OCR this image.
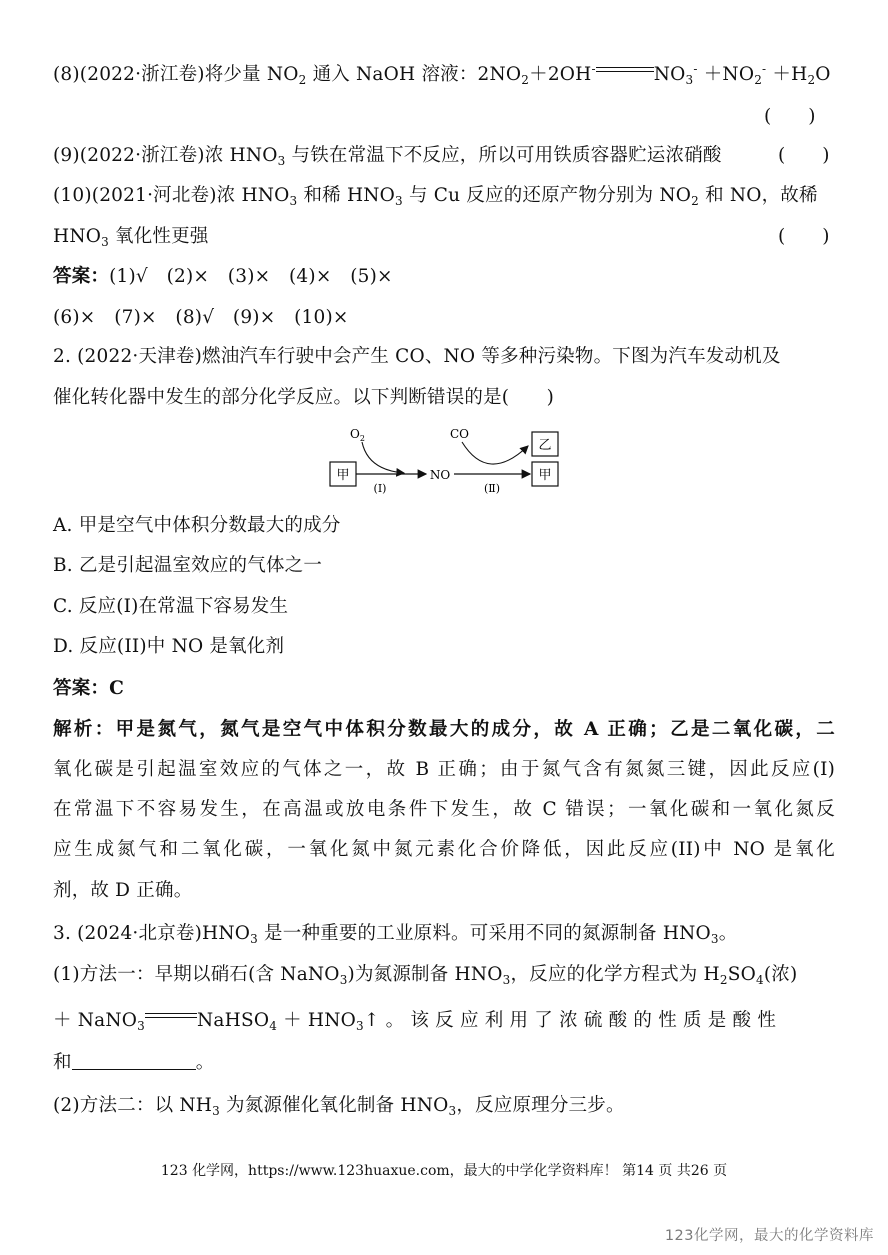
(8)(2022·浙江卷)将少量 $NO_2$ 通入 NaOH 溶液：$2NO_2+2OH^-$	$NO_3^- +NO_2^- +H_2O$
(　　)
(9)(2022·浙江卷)浓 $HNO_3$ 与铁在常温下不反应，所以可用铁质容器贮运浓硝酸	(　　)
(10)(2021·河北卷)浓 $HNO_3$ 和稀 $HNO_3$ 与 Cu 反应的还原产物分别为 $NO_2$ 和 NO，故稀
$HNO_3$ 氧化性更强	(　　)
答案：(1)√　(2)×　(3)×　(4)×　(5)×
(6)×　(7)×　(8)√　(9)×　(10)×
2. (2022·天津卷)燃油汽车行驶中会产生 CO、NO 等多种污染物。下图为汽车发动机及
催化转化器中发生的部分化学反应。以下判断错误的是(　　)
甲
$O_2$
(Ⅰ)
NO
CO
(Ⅱ)
乙
甲
A. 甲是空气中体积分数最大的成分
B. 乙是引起温室效应的气体之一
C. 反应(I)在常温下容易发生
D. 反应(II)中 NO 是氧化剂
答案：C
解析：甲是氮气，氮气是空气中体积分数最大的成分，故 A 正确；乙是二氧化碳，二
氧化碳是引起温室效应的气体之一，故 B 正确；由于氮气含有氮氮三键，因此反应(I)
在常温下不容易发生，在高温或放电条件下发生，故 C 错误；一氧化碳和一氧化氮反
应生成氮气和二氧化碳，一氧化氮中氮元素化合价降低，因此反应(II)中 NO 是氧化
剂，故 D 正确。
3. (2024·北京卷)$HNO_3$ 是一种重要的工业原料。可采用不同的氮源制备 $HNO_3$。
(1)方法一：早期以硝石(含 NaNO$_3$)为氮源制备 $HNO_3$，反应的化学方程式为 $H_2SO_4$(浓)
＋ NaNO$_3$	NaHSO$_4$ ＋ $HNO_3↑$ 。 该 反 应 利 用 了 浓 硫 酸 的 性 质 是 酸 性
和	。
(2)方法二：以 $NH_3$ 为氮源催化氧化制备 $HNO_3$，反应原理分三步。
123 化学网，https://www.123huaxue.com，最大的中学化学资料库！ 第14 页 共26 页
123化学网，最大的化学资料库
